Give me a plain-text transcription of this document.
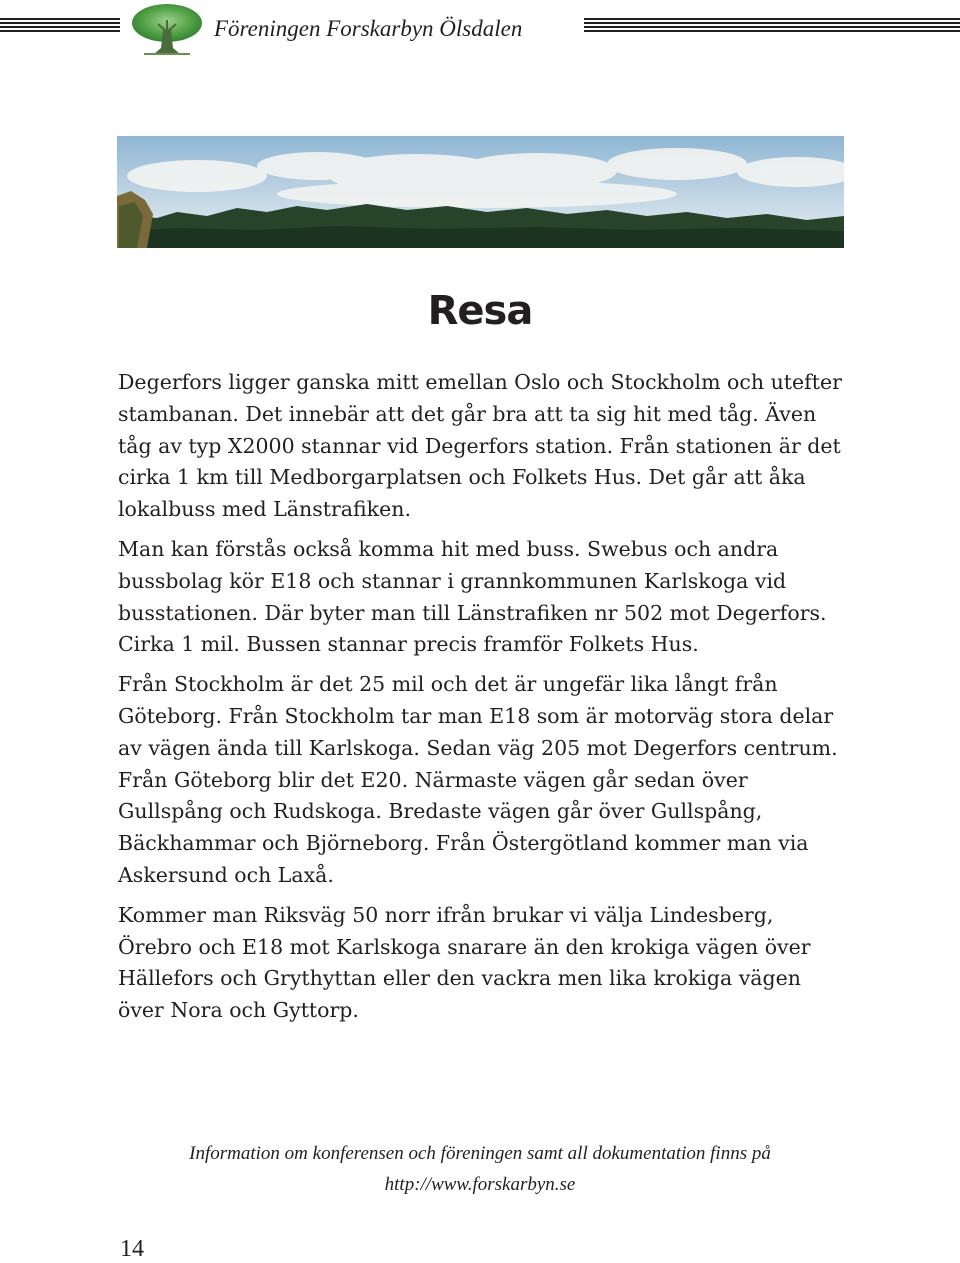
Föreningen Forskarbyn Ölsdalen
Resa

Degerfors ligger ganska mitt emellan Oslo och Stockholm och utefter stambanan. Det innebär att det går bra att ta sig hit med tåg. Även tåg av typ X2000 stannar vid Degerfors station. Från stationen är det cirka 1 km till Medborgarplatsen och Folkets Hus. Det går att åka lokalbuss med Länstrafiken.

Man kan förstås också komma hit med buss. Swebus och andra bussbolag kör E18 och stannar i grannkommunen Karlskoga vid busstationen. Där byter man till Länstrafiken nr 502 mot Degerfors. Cirka 1 mil. Bussen stannar precis framför Folkets Hus.

Från Stockholm är det 25 mil och det är ungefär lika långt från Göteborg. Från Stockholm tar man E18 som är motorväg stora delar av vägen ända till Karlskoga. Sedan väg 205 mot Degerfors centrum. Från Göteborg blir det E20. Närmaste vägen går sedan över Gullspång och Rudskoga. Bredaste vägen går över Gullspång, Bäckhammar och Björneborg. Från Östergötland kommer man via Askersund och Laxå.

Kommer man Riksväg 50 norr ifrån brukar vi välja Lindesberg, Örebro och E18 mot Karlskoga snarare än den krokiga vägen över Hällefors och Grythyttan eller den vackra men lika krokiga vägen över Nora och Gyttorp.

Information om konferensen och föreningen samt all dokumentation finns på
http://www.forskarbyn.se
14
